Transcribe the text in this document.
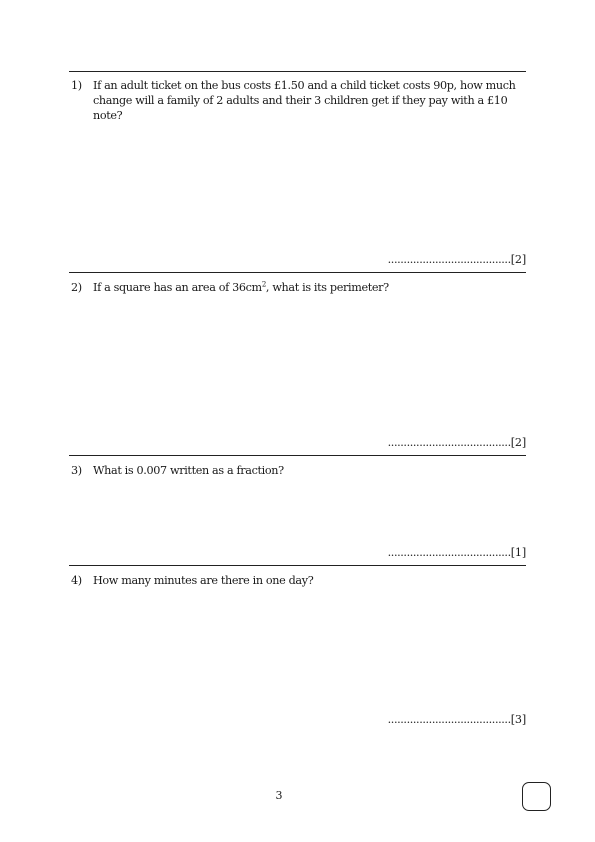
1)	If an adult ticket on the bus costs £1.50 and a child ticket costs 90p, how much change will a family of 2 adults and their 3 children get if they pay with a £10 note?
.......................................[2]
2)	If a square has an area of $36cm^2$, what is its perimeter?
.......................................[2]
3)	What is 0.007 written as a fraction?
.......................................[1]
4)	How many minutes are there in one day?
.......................................[3]
3
